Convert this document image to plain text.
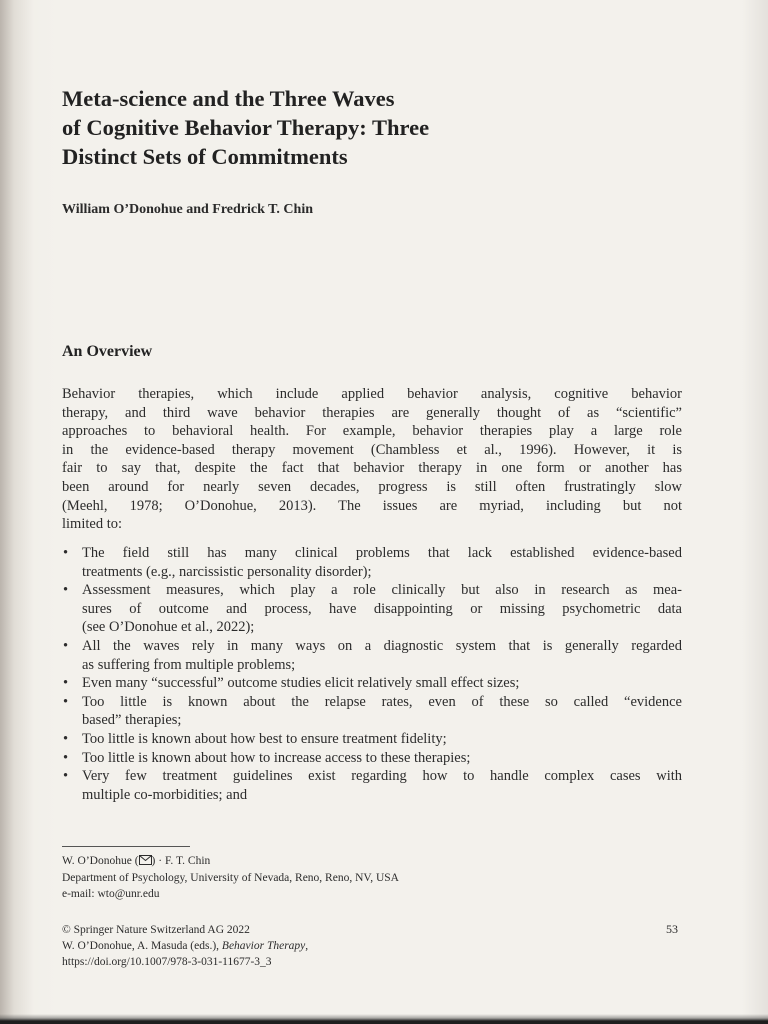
Meta-science and the Three Waves
of Cognitive Behavior Therapy: Three
Distinct Sets of Commitments

William O’Donohue and Fredrick T. Chin

An Overview

Behavior therapies, which include applied behavior analysis, cognitive behavior
therapy, and third wave behavior therapies are generally thought of as “scientific”
approaches to behavioral health. For example, behavior therapies play a large role
in the evidence-based therapy movement (Chambless et al., 1996). However, it is
fair to say that, despite the fact that behavior therapy in one form or another has
been around for nearly seven decades, progress is still often frustratingly slow
(Meehl, 1978; O’Donohue, 2013). The issues are myriad, including but not
limited to:

• The field still has many clinical problems that lack established evidence-based
treatments (e.g., narcissistic personality disorder);
• Assessment measures, which play a role clinically but also in research as mea-
sures of outcome and process, have disappointing or missing psychometric data
(see O’Donohue et al., 2022);
• All the waves rely in many ways on a diagnostic system that is generally regarded
as suffering from multiple problems;
• Even many “successful” outcome studies elicit relatively small effect sizes;
• Too little is known about the relapse rates, even of these so called “evidence
based” therapies;
• Too little is known about how best to ensure treatment fidelity;
• Too little is known about how to increase access to these therapies;
• Very few treatment guidelines exist regarding how to handle complex cases with
multiple co-morbidities; and

W. O’Donohue ( ) · F. T. Chin
Department of Psychology, University of Nevada, Reno, Reno, NV, USA
e-mail: wto@unr.edu

© Springer Nature Switzerland AG 2022
W. O’Donohue, A. Masuda (eds.), Behavior Therapy,
https://doi.org/10.1007/978-3-031-11677-3_3

53
